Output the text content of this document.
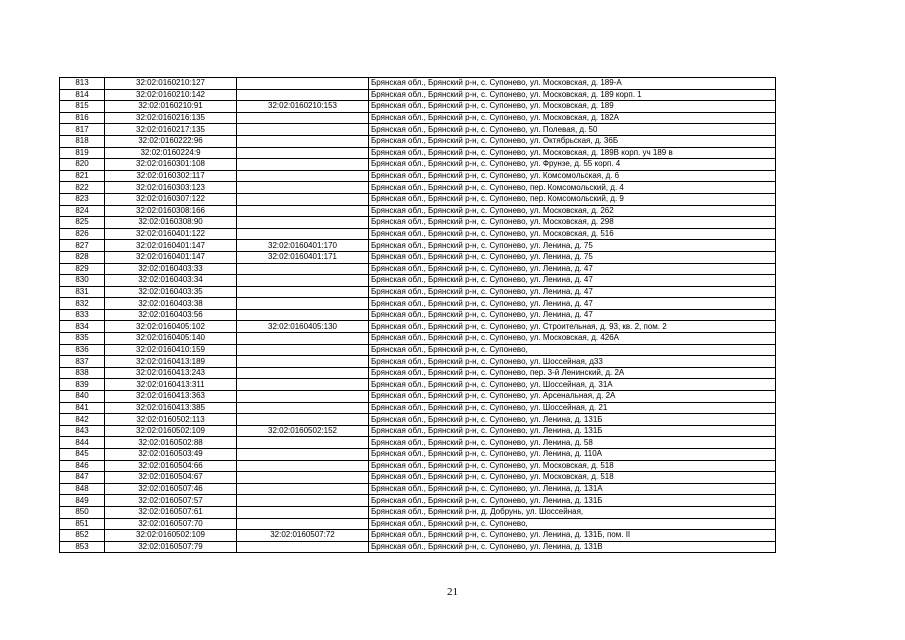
813	32:02:0160210:127		Брянская обл., Брянский р-н, с. Супонево, ул. Московская, д. 189-А
814	32:02:0160210:142		Брянская обл., Брянский р-н, с. Супонево, ул. Московская, д. 189 корп. 1
815	32:02:0160210:91	32:02:0160210:153	Брянская обл., Брянский р-н, с. Супонево, ул. Московская, д. 189
816	32:02:0160216:135		Брянская обл., Брянский р-н, с. Супонево, ул. Московская, д. 182А
817	32:02:0160217:135		Брянская обл., Брянский р-н, с. Супонево, ул. Полевая, д. 50
818	32:02:0160222:96		Брянская обл., Брянский р-н, с. Супонево, ул. Октябрьская, д. 36Б
819	32:02:0160224:9		Брянская обл., Брянский р-н, с. Супонево, ул. Московская, д. 189В корп. уч 189 в
820	32:02:0160301:108		Брянская обл., Брянский р-н, с. Супонево, ул. Фрунзе, д. 55 корп. 4
821	32:02:0160302:117		Брянская обл., Брянский р-н, с. Супонево, ул. Комсомольская, д. 6
822	32:02:0160303:123		Брянская обл., Брянский р-н, с. Супонево, пер. Комсомольский, д. 4
823	32:02:0160307:122		Брянская обл., Брянский р-н, с. Супонево, пер. Комсомольский, д. 9
824	32:02:0160308:166		Брянская обл., Брянский р-н, с. Супонево, ул. Московская, д. 262
825	32:02:0160308:90		Брянская обл., Брянский р-н, с. Супонево, ул. Московская, д. 298
826	32:02:0160401:122		Брянская обл., Брянский р-н, с. Супонево, ул. Московская, д. 516
827	32:02:0160401:147	32:02:0160401:170	Брянская обл., Брянский р-н, с. Супонево, ул. Ленина, д. 75
828	32:02:0160401:147	32:02:0160401:171	Брянская обл., Брянский р-н, с. Супонево, ул. Ленина, д. 75
829	32:02:0160403:33		Брянская обл., Брянский р-н, с. Супонево, ул. Ленина, д. 47
830	32:02:0160403:34		Брянская обл., Брянский р-н, с. Супонево, ул. Ленина, д. 47
831	32:02:0160403:35		Брянская обл., Брянский р-н, с. Супонево, ул. Ленина, д. 47
832	32:02:0160403:38		Брянская обл., Брянский р-н, с. Супонево, ул. Ленина, д. 47
833	32:02:0160403:56		Брянская обл., Брянский р-н, с. Супонево, ул. Ленина, д. 47
834	32:02:0160405:102	32:02:0160405:130	Брянская обл., Брянский р-н, с. Супонево, ул. Строительная, д. 93, кв. 2, пом. 2
835	32:02:0160405:140		Брянская обл., Брянский р-н, с. Супонево, ул. Московская, д. 426А
836	32:02:0160410:159		Брянская обл., Брянский р-н, с. Супонево,
837	32:02:0160413:189		Брянская обл., Брянский р-н, с. Супонево, ул. Шоссейная, д33
838	32:02:0160413:243		Брянская обл., Брянский р-н, с. Супонево, пер. 3-й Ленинский, д. 2А
839	32:02:0160413:311		Брянская обл., Брянский р-н, с. Супонево, ул. Шоссейная, д. 31А
840	32:02:0160413:363		Брянская обл., Брянский р-н, с. Супонево, ул. Арсенальная, д. 2А
841	32:02:0160413:385		Брянская обл., Брянский р-н, с. Супонево, ул. Шоссейная, д. 21
842	32:02:0160502:113		Брянская обл., Брянский р-н, с. Супонево, ул. Ленина, д. 131Б
843	32:02:0160502:109	32:02:0160502:152	Брянская обл., Брянский р-н, с. Супонево, ул. Ленина, д. 131Б
844	32:02:0160502:88		Брянская обл., Брянский р-н, с. Супонево, ул. Ленина, д. 58
845	32:02:0160503:49		Брянская обл., Брянский р-н, с. Супонево, ул. Ленина, д. 110А
846	32:02:0160504:66		Брянская обл., Брянский р-н, с. Супонево, ул. Московская, д. 518
847	32:02:0160504:67		Брянская обл., Брянский р-н, с. Супонево, ул. Московская, д. 518
848	32:02:0160507:46		Брянская обл., Брянский р-н, с. Супонево, ул. Ленина, д. 131А
849	32:02:0160507:57		Брянская обл., Брянский р-н, с. Супонево, ул. Ленина, д. 131Б
850	32:02:0160507:61		Брянская обл., Брянский р-н, д. Добрунь, ул. Шоссейная,
851	32:02:0160507:70		Брянская обл., Брянский р-н, с. Супонево,
852	32:02:0160502:109	32:02:0160507:72	Брянская обл., Брянский р-н, с. Супонево, ул. Ленина, д. 131Б, пом. II
853	32:02:0160507:79		Брянская обл., Брянский р-н, с. Супонево, ул. Ленина, д. 131В
21
